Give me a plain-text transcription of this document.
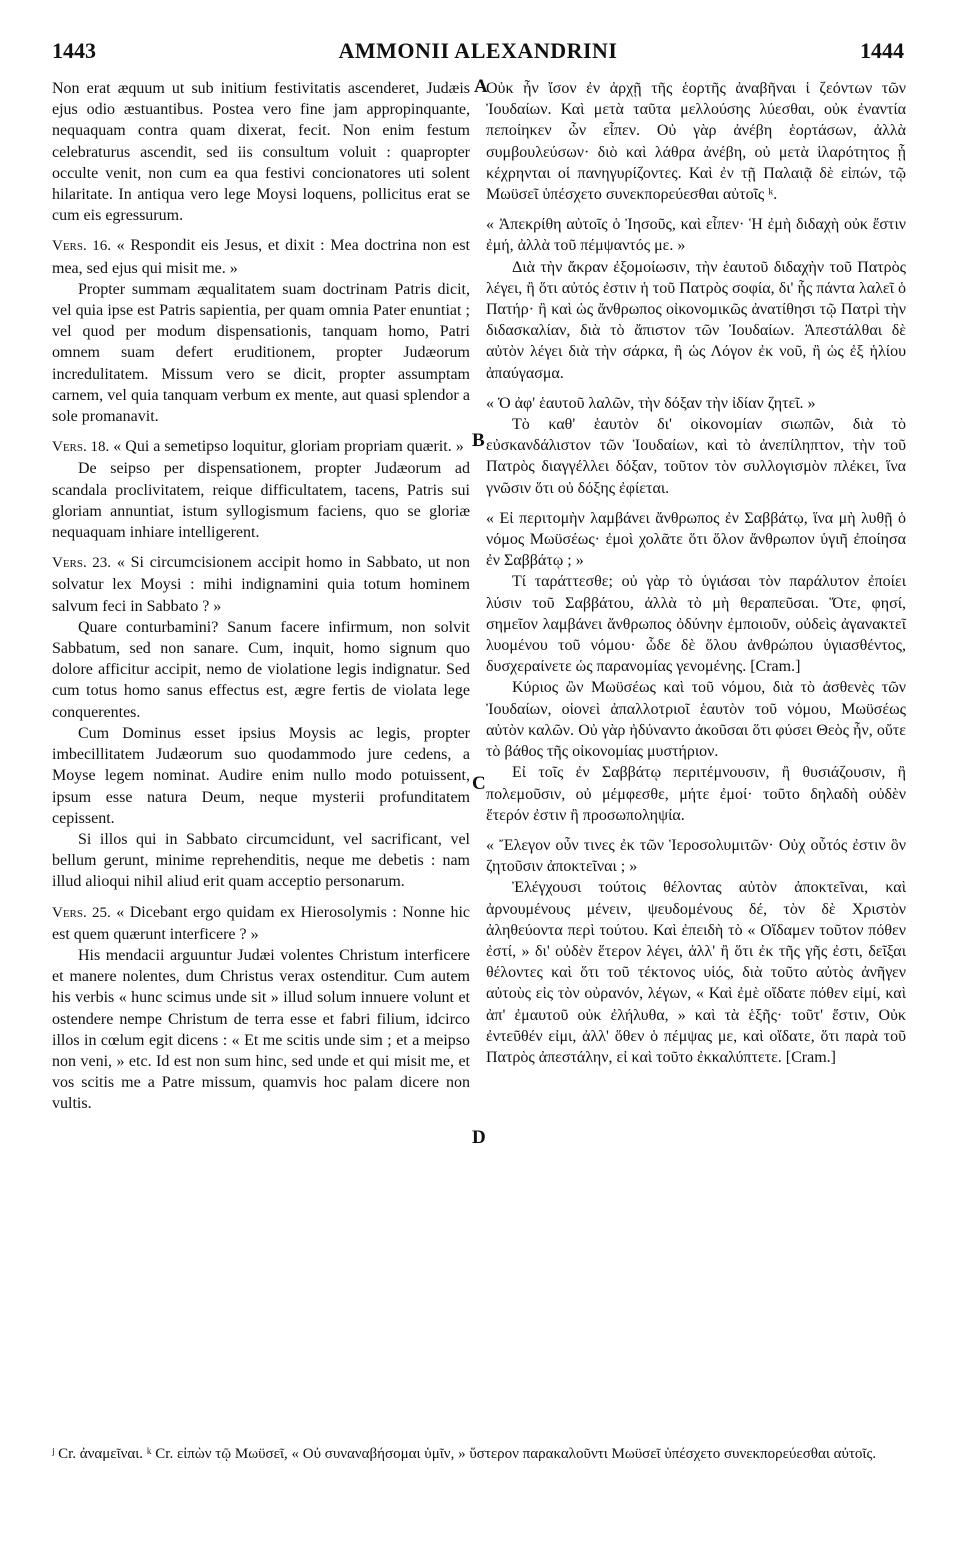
1443	AMMONII ALEXANDRINI	1444

Non erat æquum ut sub initium festivitatis ascenderet, Judæis ejus odio æstuantibus. Postea vero fine jam appropinquante, nequaquam contra quam dixerat, fecit. Non enim festum celebraturus ascendit, sed iis consultum voluit : quapropter occulte venit, non cum ea qua festivi concionatores uti solent hilaritate. In antiqua vero lege Moysi loquens, pollicitus erat se cum eis egressurum.

Vers. 16. « Respondit eis Jesus, et dixit : Mea doctrina non est mea, sed ejus qui misit me. »

Propter summam æqualitatem suam doctrinam Patris dicit, vel quia ipse est Patris sapientia, per quam omnia Pater enuntiat ; vel quod per modum dispensationis, tanquam homo, Patri omnem suam defert eruditionem, propter Judæorum incredulitatem. Missum vero se dicit, propter assumptam carnem, vel quia tanquam verbum ex mente, aut quasi splendor a sole promanavit.

Vers. 18. « Qui a semetipso loquitur, gloriam propriam quærit. »

De seipso per dispensationem, propter Judæorum ad scandala proclivitatem, reique difficultatem, tacens, Patris sui gloriam annuntiat, istum syllogismum faciens, quo se gloriæ nequaquam inhiare intelligerent.

Vers. 23. « Si circumcisionem accipit homo in Sabbato, ut non solvatur lex Moysi : mihi indignamini quia totum hominem salvum feci in Sabbato ? »

Quare conturbamini? Sanum facere infirmum, non solvit Sabbatum, sed non sanare. Cum, inquit, homo signum quo dolore afficitur accipit, nemo de violatione legis indignatur. Sed cum totus homo sanus effectus est, ægre fertis de violata lege conquerentes.

Cum Dominus esset ipsius Moysis ac legis, propter imbecillitatem Judæorum suo quodammodo jure cedens, a Moyse legem nominat. Audire enim nullo modo potuissent, ipsum esse natura Deum, neque mysterii profunditatem cepissent.

Si illos qui in Sabbato circumcidunt, vel sacrificant, vel bellum gerunt, minime reprehenditis, neque me debetis : nam illud alioqui nihil aliud erit quam acceptio personarum.

Vers. 25. « Dicebant ergo quidam ex Hierosolymis : Nonne hic est quem quærunt interficere ? »

His mendacii arguuntur Judæi volentes Christum interficere et manere nolentes, dum Christus verax ostenditur. Cum autem his verbis « hunc scimus unde sit » illud solum innuere volunt et ostendere nempe Christum de terra esse et fabri filium, idcirco illos in cœlum egit dicens : « Et me scitis unde sim ; et a meipso non veni, » etc. Id est non sum hinc, sed unde et qui misit me, et vos scitis me a Patre missum, quamvis hoc palam dicere non vultis.

Οὐκ ἦν ἴσον ἐν ἀρχῇ τῆς ἑορτῆς ἀναβῆναι ἱ ζεόντων τῶν Ἰουδαίων. Καὶ μετὰ ταῦτα μελλούσης λύεσθαι, οὐκ ἐναντία πεποίηκεν ὧν εἶπεν. Οὐ γὰρ ἀνέβη ἑορτάσων, ἀλλὰ συμβουλεύσων· διὸ καὶ λάθρα ἀνέβη, οὐ μετὰ ἱλαρότητος ᾗ κέχρηνται οἱ πανηγυρίζοντες. Καὶ ἐν τῇ Παλαιᾷ δὲ εἰπών, τῷ Μωϋσεῖ ὑπέσχετο συνεκπορεύεσθαι αὐτοῖς ᵏ.

« Ἀπεκρίθη αὐτοῖς ὁ Ἰησοῦς, καὶ εἶπεν· Ἡ ἐμὴ διδαχὴ οὐκ ἔστιν ἐμή, ἀλλὰ τοῦ πέμψαντός με. »

Διὰ τὴν ἄκραν ἐξομοίωσιν, τὴν ἑαυτοῦ διδαχὴν τοῦ Πατρὸς λέγει, ἢ ὅτι αὐτός ἐστιν ἡ τοῦ Πατρὸς σοφία, δι' ἧς πάντα λαλεῖ ὁ Πατήρ· ἢ καὶ ὡς ἄνθρωπος οἰκονομικῶς ἀνατίθησι τῷ Πατρὶ τὴν διδασκαλίαν, διὰ τὸ ἄπιστον τῶν Ἰουδαίων. Ἀπεστάλθαι δὲ αὐτὸν λέγει διὰ τὴν σάρκα, ἢ ὡς Λόγον ἐκ νοῦ, ἢ ὡς ἐξ ἡλίου ἀπαύγασμα.

« Ὁ ἀφ' ἑαυτοῦ λαλῶν, τὴν δόξαν τὴν ἰδίαν ζητεῖ. »

Τὸ καθ' ἑαυτὸν δι' οἰκονομίαν σιωπῶν, διὰ τὸ εὐσκανδάλιστον τῶν Ἰουδαίων, καὶ τὸ ἀνεπίληπτον, τὴν τοῦ Πατρὸς διαγγέλλει δόξαν, τοῦτον τὸν συλλογισμὸν πλέκει, ἵνα γνῶσιν ὅτι οὐ δόξης ἐφίεται.

« Εἰ περιτομὴν λαμβάνει ἄνθρωπος ἐν Σαββάτῳ, ἵνα μὴ λυθῇ ὁ νόμος Μωϋσέως· ἐμοὶ χολᾶτε ὅτι ὅλον ἄνθρωπον ὑγιῆ ἐποίησα ἐν Σαββάτῳ ; »

Τί ταράττεσθε; οὐ γὰρ τὸ ὑγιάσαι τὸν παράλυτον ἐποίει λύσιν τοῦ Σαββάτου, ἀλλὰ τὸ μὴ θεραπεῦσαι. Ὅτε, φησί, σημεῖον λαμβάνει ἄνθρωπος ὀδύνην ἐμποιοῦν, οὐδεὶς ἀγανακτεῖ λυομένου τοῦ νόμου· ὧδε δὲ ὅλου ἀνθρώπου ὑγιασθέντος, δυσχεραίνετε ὡς παρανομίας γενομένης. [Cram.]

Κύριος ὢν Μωϋσέως καὶ τοῦ νόμου, διὰ τὸ ἀσθενὲς τῶν Ἰουδαίων, οἱονεὶ ἀπαλλοτριοῖ ἑαυτὸν τοῦ νόμου, Μωϋσέως αὐτὸν καλῶν. Οὐ γὰρ ἠδύναντο ἀκοῦσαι ὅτι φύσει Θεὸς ἦν, οὔτε τὸ βάθος τῆς οἰκονομίας μυστήριον.

Εἰ τοῖς ἐν Σαββάτῳ περιτέμνουσιν, ἢ θυσιάζουσιν, ἢ πολεμοῦσιν, οὐ μέμφεσθε, μήτε ἐμοί· τοῦτο δηλαδὴ οὐδὲν ἕτερόν ἐστιν ἢ προσωποληψία.

« Ἔλεγον οὖν τινες ἐκ τῶν Ἱεροσολυμιτῶν· Οὐχ οὗτός ἐστιν ὃν ζητοῦσιν ἀποκτεῖναι ; »

Ἐλέγχουσι τούτοις θέλοντας αὐτὸν ἀποκτεῖναι, καὶ ἀρνουμένους μένειν, ψευδομένους δέ, τὸν δὲ Χριστὸν ἀληθεύοντα περὶ τούτου. Καὶ ἐπειδὴ τὸ « Οἴδαμεν τοῦτον πόθεν ἐστί, » δι' οὐδὲν ἕτερον λέγει, ἀλλ' ἢ ὅτι ἐκ τῆς γῆς ἐστι, δεῖξαι θέλοντες καὶ ὅτι τοῦ τέκτονος υἱός, διὰ τοῦτο αὐτὸς ἀνῆγεν αὐτοὺς εἰς τὸν οὐρανόν, λέγων, « Καὶ ἐμὲ οἴδατε πόθεν εἰμί, καὶ ἀπ' ἐμαυτοῦ οὐκ ἐλήλυθα, » καὶ τὰ ἑξῆς· τοῦτ' ἔστιν, Οὐκ ἐντεῦθέν εἰμι, ἀλλ' ὅθεν ὁ πέμψας με, καὶ οἴδατε, ὅτι παρὰ τοῦ Πατρὸς ἀπεστάλην, εἰ καὶ τοῦτο ἐκκαλύπτετε. [Cram.]

A
B
C
D

ʲ Cr. ἀναμεῖναι. ᵏ Cr. εἰπὼν τῷ Μωϋσεῖ, « Οὐ συναναβήσομαι ὑμῖν, » ὕστερον παρακαλοῦντι Μωϋσεῖ ὑπέσχετο συνεκπορεύεσθαι αὐτοῖς.
